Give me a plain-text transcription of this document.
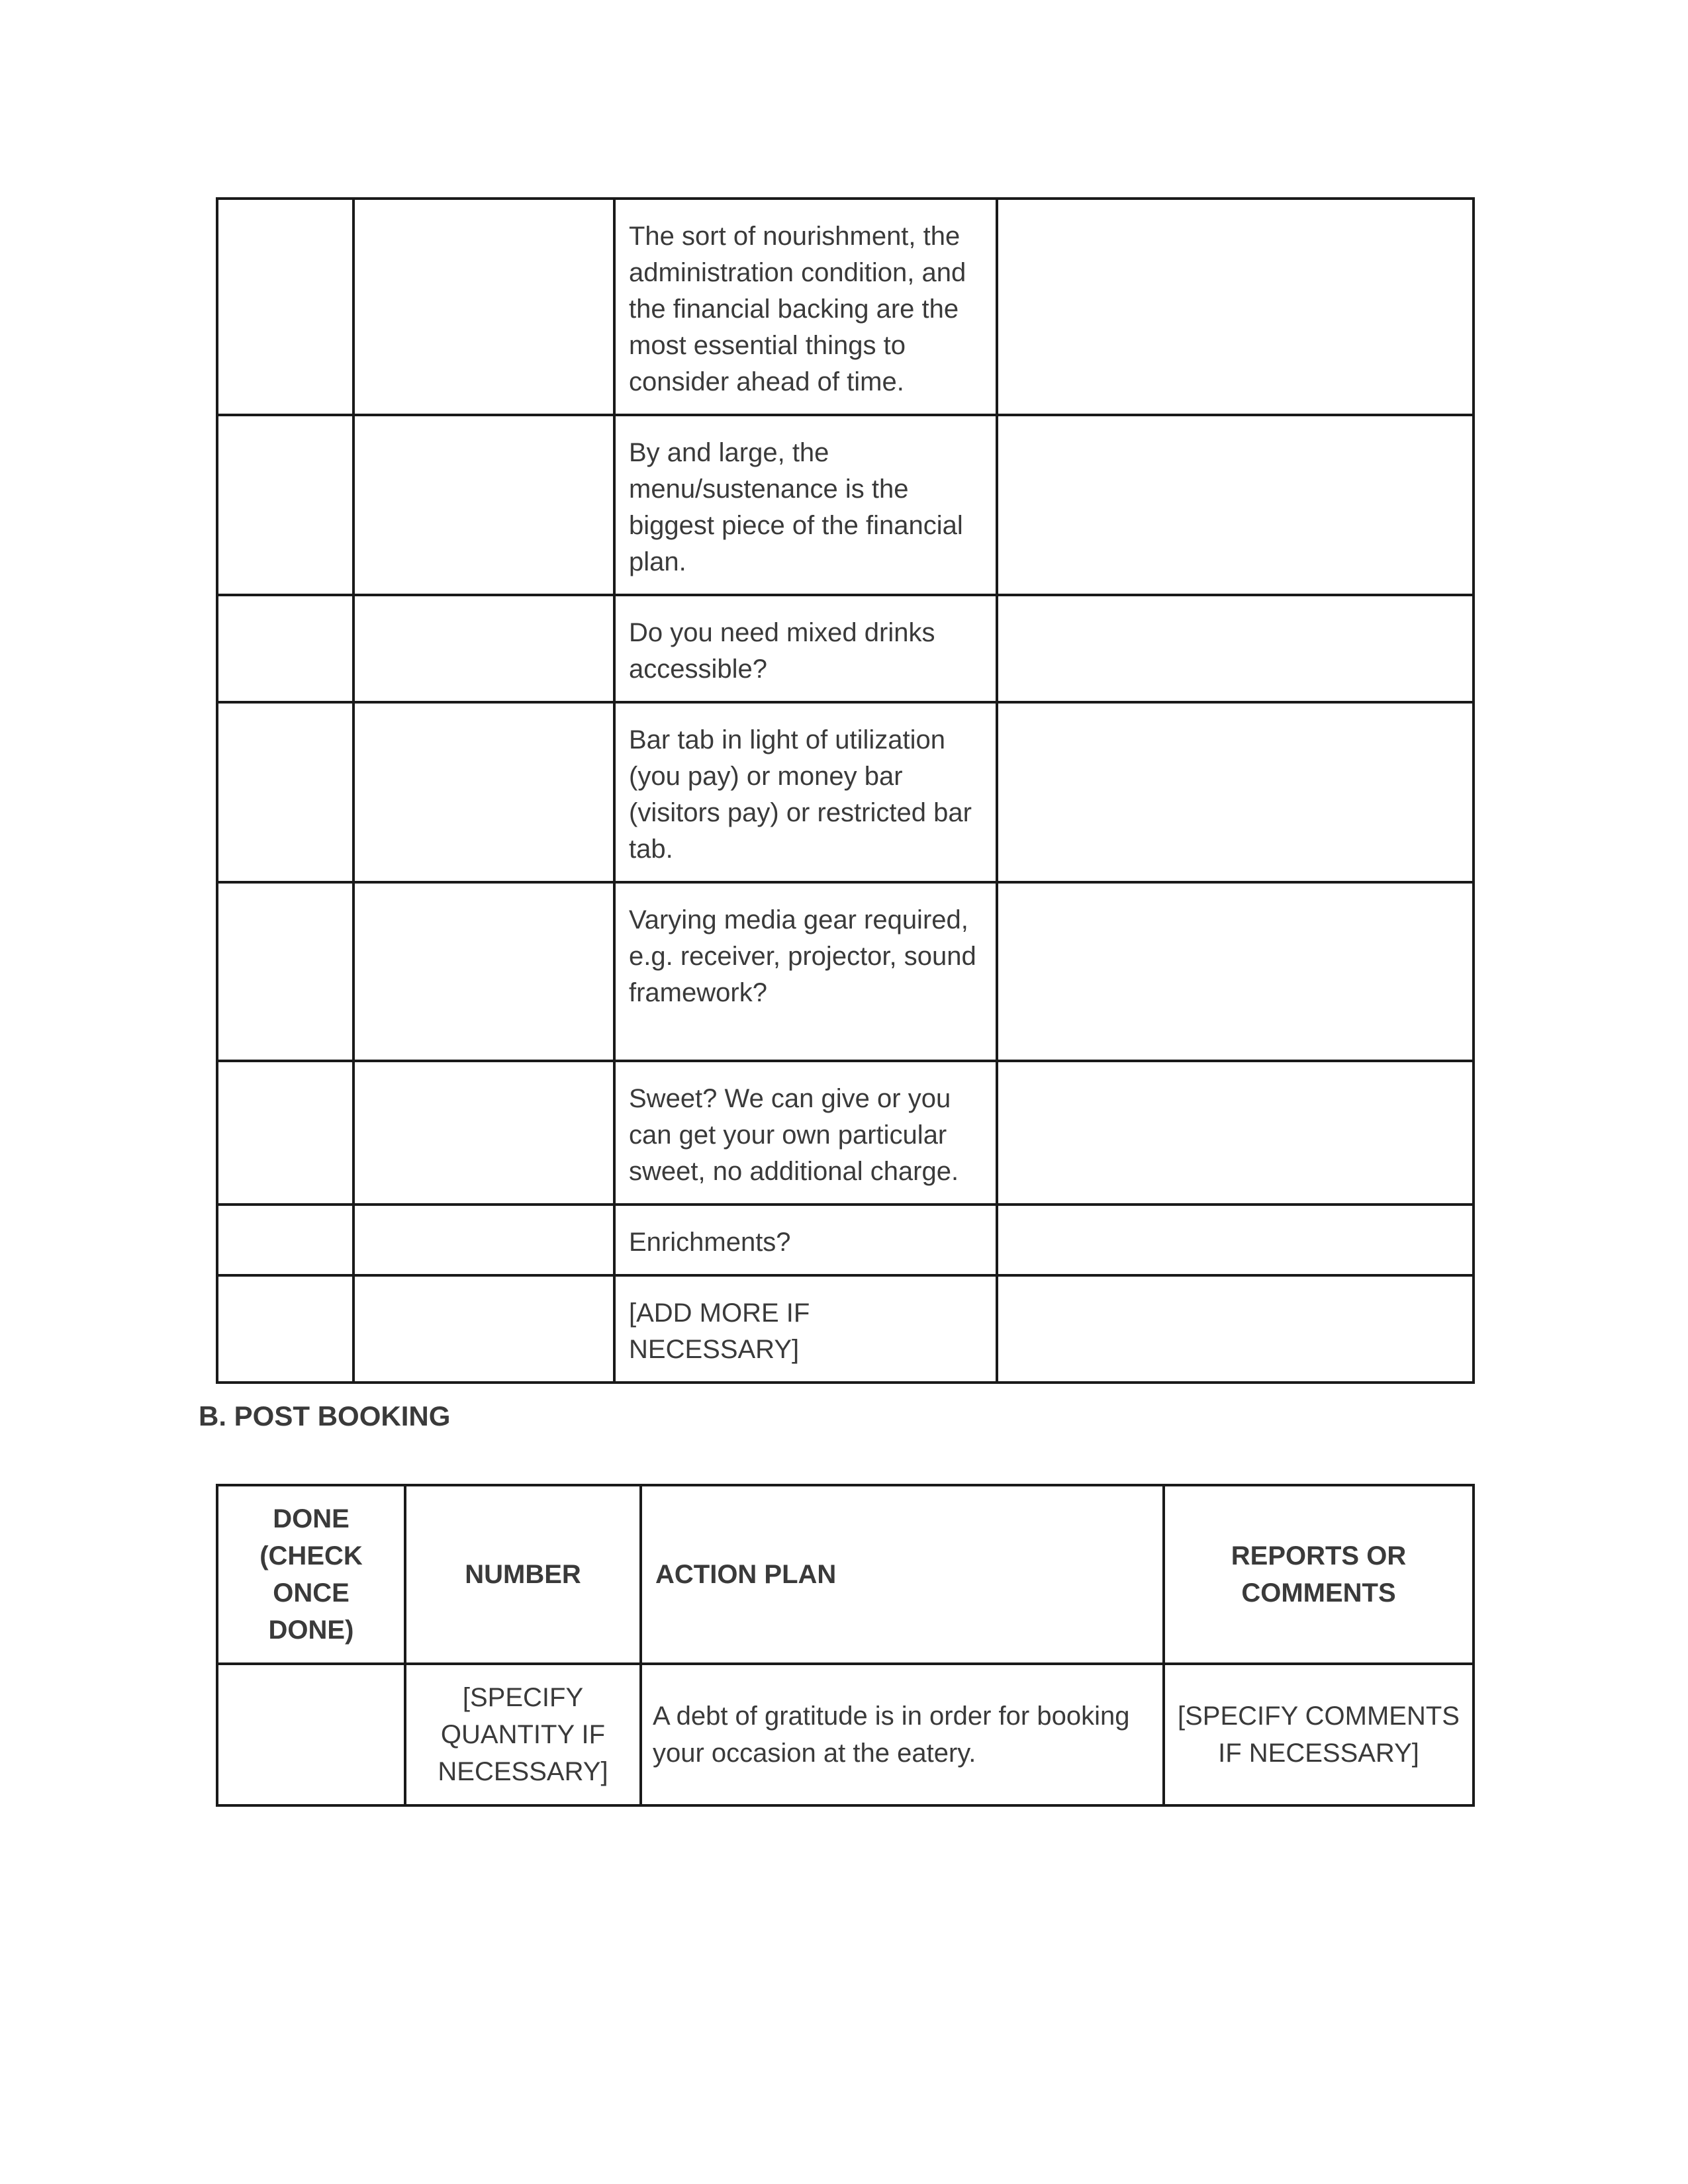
		The sort of nourishment, the administration condition, and the financial backing are the most essential things to consider ahead of time.	
		By and large, the menu/sustenance is the biggest piece of the financial plan.	
		Do you need mixed drinks accessible?	
		Bar tab in light of utilization (you pay) or money bar (visitors pay) or restricted bar tab.	
		Varying media gear required, e.g. receiver, projector, sound framework?	
		Sweet? We can give or you can get your own particular sweet, no additional charge.	
		Enrichments?	
		[ADD MORE IF NECESSARY]	
B. POST BOOKING
DONE (CHECK ONCE DONE)	NUMBER	ACTION PLAN	REPORTS OR COMMENTS
	[SPECIFY QUANTITY IF NECESSARY]	A debt of gratitude is in order for booking your occasion at the eatery.	[SPECIFY COMMENTS IF NECESSARY]
